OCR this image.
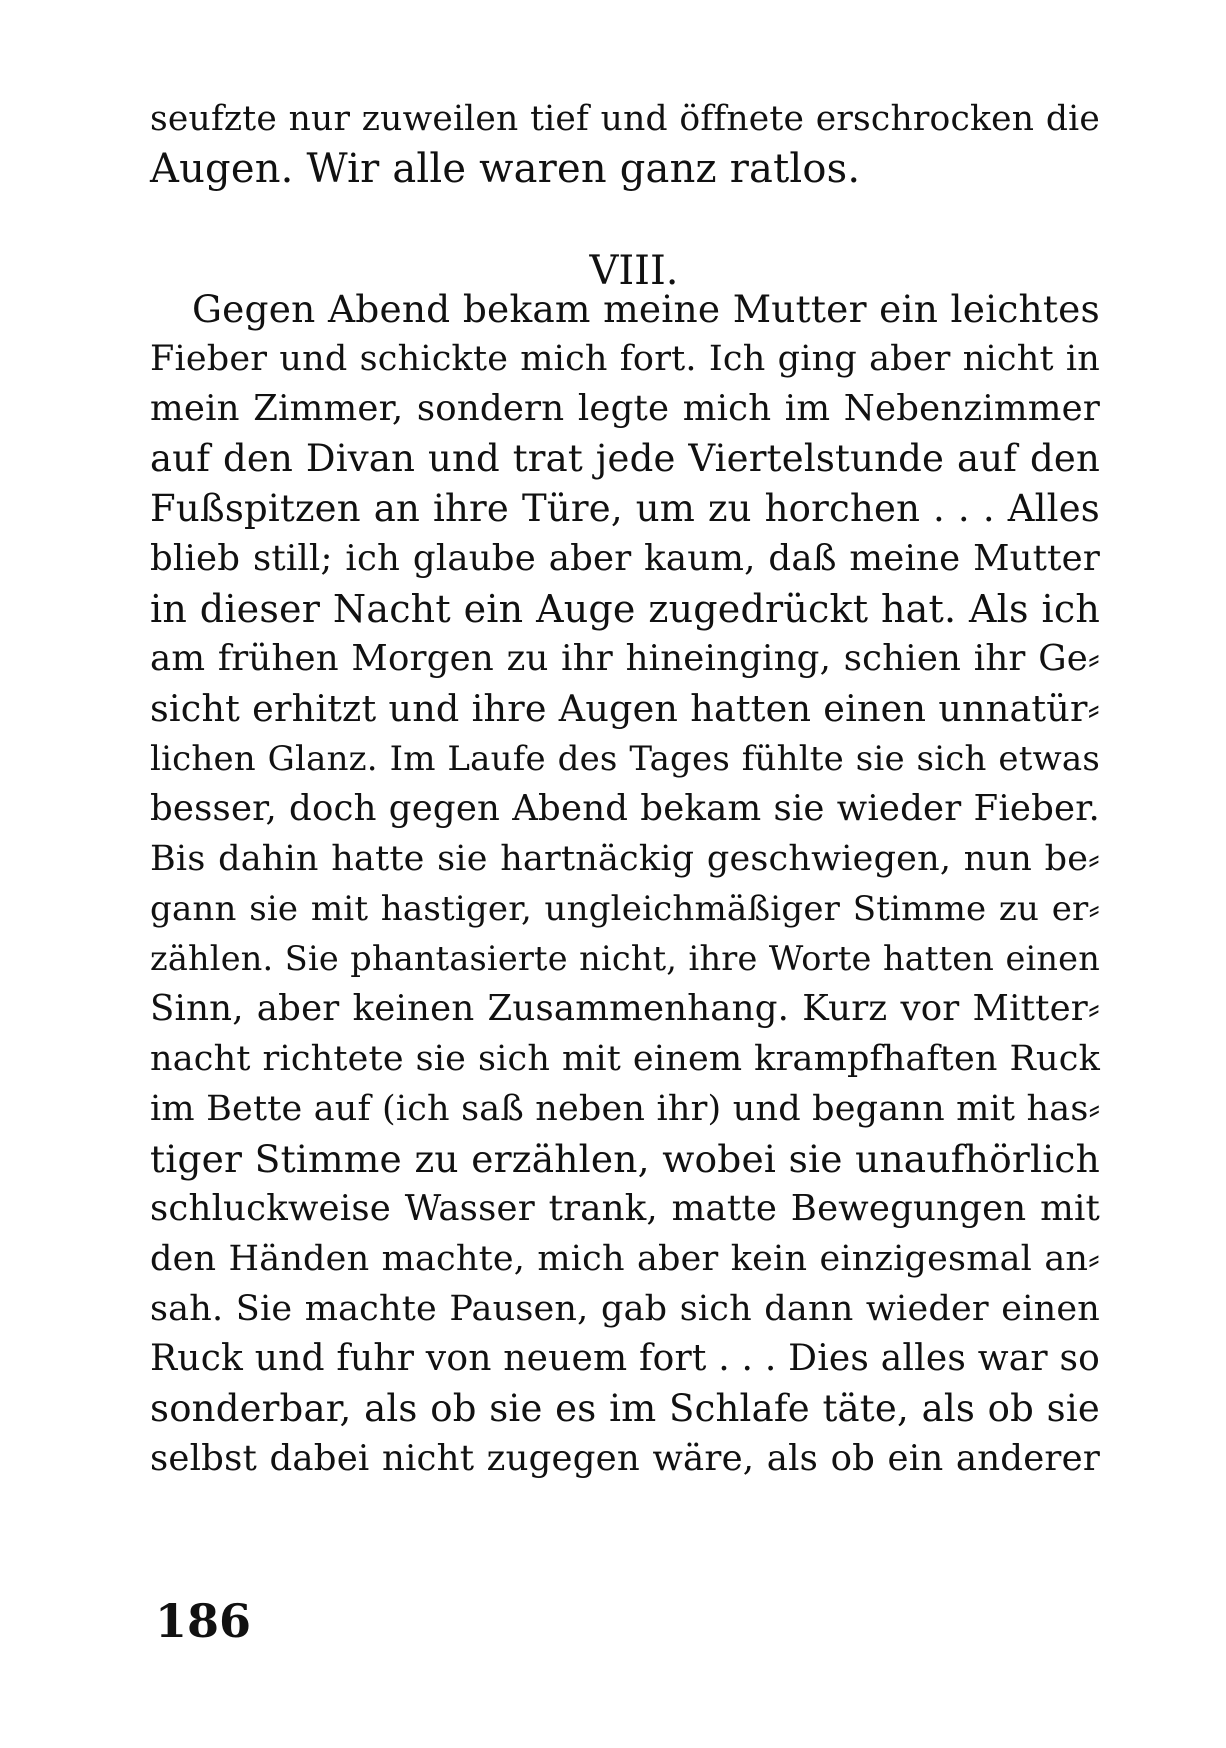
seufzte nur zuweilen tief und öffnete erschrocken die
Augen. Wir alle waren ganz ratlos.
VIII.
Gegen Abend bekam meine Mutter ein leichtes
Fieber und schickte mich fort. Ich ging aber nicht in
mein Zimmer, sondern legte mich im Nebenzimmer
auf den Divan und trat jede Viertelstunde auf den
Fußspitzen an ihre Türe, um zu horchen . . . Alles
blieb still; ich glaube aber kaum, daß meine Mutter
in dieser Nacht ein Auge zugedrückt hat. Als ich
am frühen Morgen zu ihr hineinging, schien ihr Ge⸗
sicht erhitzt und ihre Augen hatten einen unnatür⸗
lichen Glanz. Im Laufe des Tages fühlte sie sich etwas
besser, doch gegen Abend bekam sie wieder Fieber.
Bis dahin hatte sie hartnäckig geschwiegen, nun be⸗
gann sie mit hastiger, ungleichmäßiger Stimme zu er⸗
zählen. Sie phantasierte nicht, ihre Worte hatten einen
Sinn, aber keinen Zusammenhang. Kurz vor Mitter⸗
nacht richtete sie sich mit einem krampfhaften Ruck
im Bette auf (ich saß neben ihr) und begann mit has⸗
tiger Stimme zu erzählen, wobei sie unaufhörlich
schluckweise Wasser trank, matte Bewegungen mit
den Händen machte, mich aber kein einzigesmal an⸗
sah. Sie machte Pausen, gab sich dann wieder einen
Ruck und fuhr von neuem fort . . . Dies alles war so
sonderbar, als ob sie es im Schlafe täte, als ob sie
selbst dabei nicht zugegen wäre, als ob ein anderer
186
